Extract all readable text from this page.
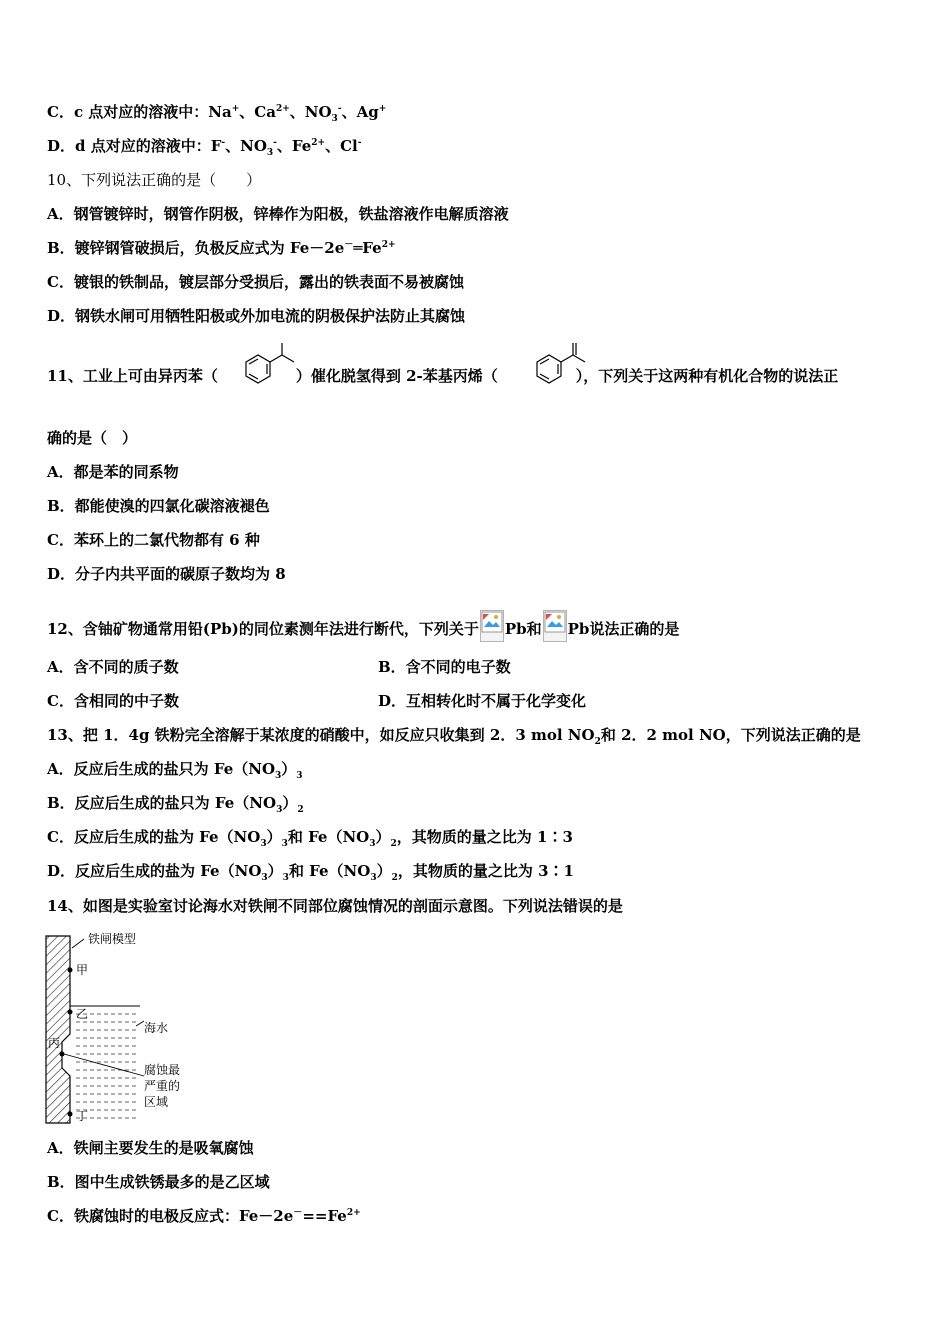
C．c 点对应的溶液中：Na+、$Ca^{2+}$、$NO_3^-$、Ag+
D．d 点对应的溶液中：F-、$NO_3^-$、$Fe^{2+}$、Cl-
10、下列说法正确的是（　　）
A．钢管镀锌时，钢管作阴极，锌棒作为阳极，铁盐溶液作电解质溶液
B．镀锌钢管破损后，负极反应式为 $Fe-2e^-═Fe^{2+}$
C．镀银的铁制品，镀层部分受损后，露出的铁表面不易被腐蚀
D．钢铁水闸可用牺牲阳极或外加电流的阴极保护法防止其腐蚀
11、工业上可由异丙苯（	）催化脱氢得到 2-苯基丙烯（	），下列关于这两种有机化合物的说法正
确的是（　）
A．都是苯的同系物
B．都能使溴的四氯化碳溶液褪色
C．苯环上的二氯代物都有 6 种
D．分子内共平面的碳原子数均为 8
12、含铀矿物通常用铅(Pb)的同位素测年法进行断代，下列关于 Pb和 Pb说法正确的是
A．含不同的质子数	B．含不同的电子数
C．含相同的中子数	D．互相转化时不属于化学变化
13、把 1．4g 铁粉完全溶解于某浓度的硝酸中，如反应只收集到 2．3 mol $NO_2$和 2．2 mol NO，下列说法正确的是
A．反应后生成的盐只为 $Fe(NO_3)_3$
B．反应后生成的盐只为 $Fe(NO_3)_2$
C．反应后生成的盐为 $Fe(NO_3)_3$和 $Fe(NO_3)_2$，其物质的量之比为 1∶3
D．反应后生成的盐为 $Fe(NO_3)_3$和 $Fe(NO_3)_2$，其物质的量之比为 3∶1
14、如图是实验室讨论海水对铁闸不同部位腐蚀情况的剖面示意图。下列说法错误的是
铁闸模型
甲
乙
丙
丁
海水
腐蚀最
严重的
区域
A．铁闸主要发生的是吸氧腐蚀
B．图中生成铁锈最多的是乙区域
C．铁腐蚀时的电极反应式：$Fe-2e^-==Fe^{2+}$
